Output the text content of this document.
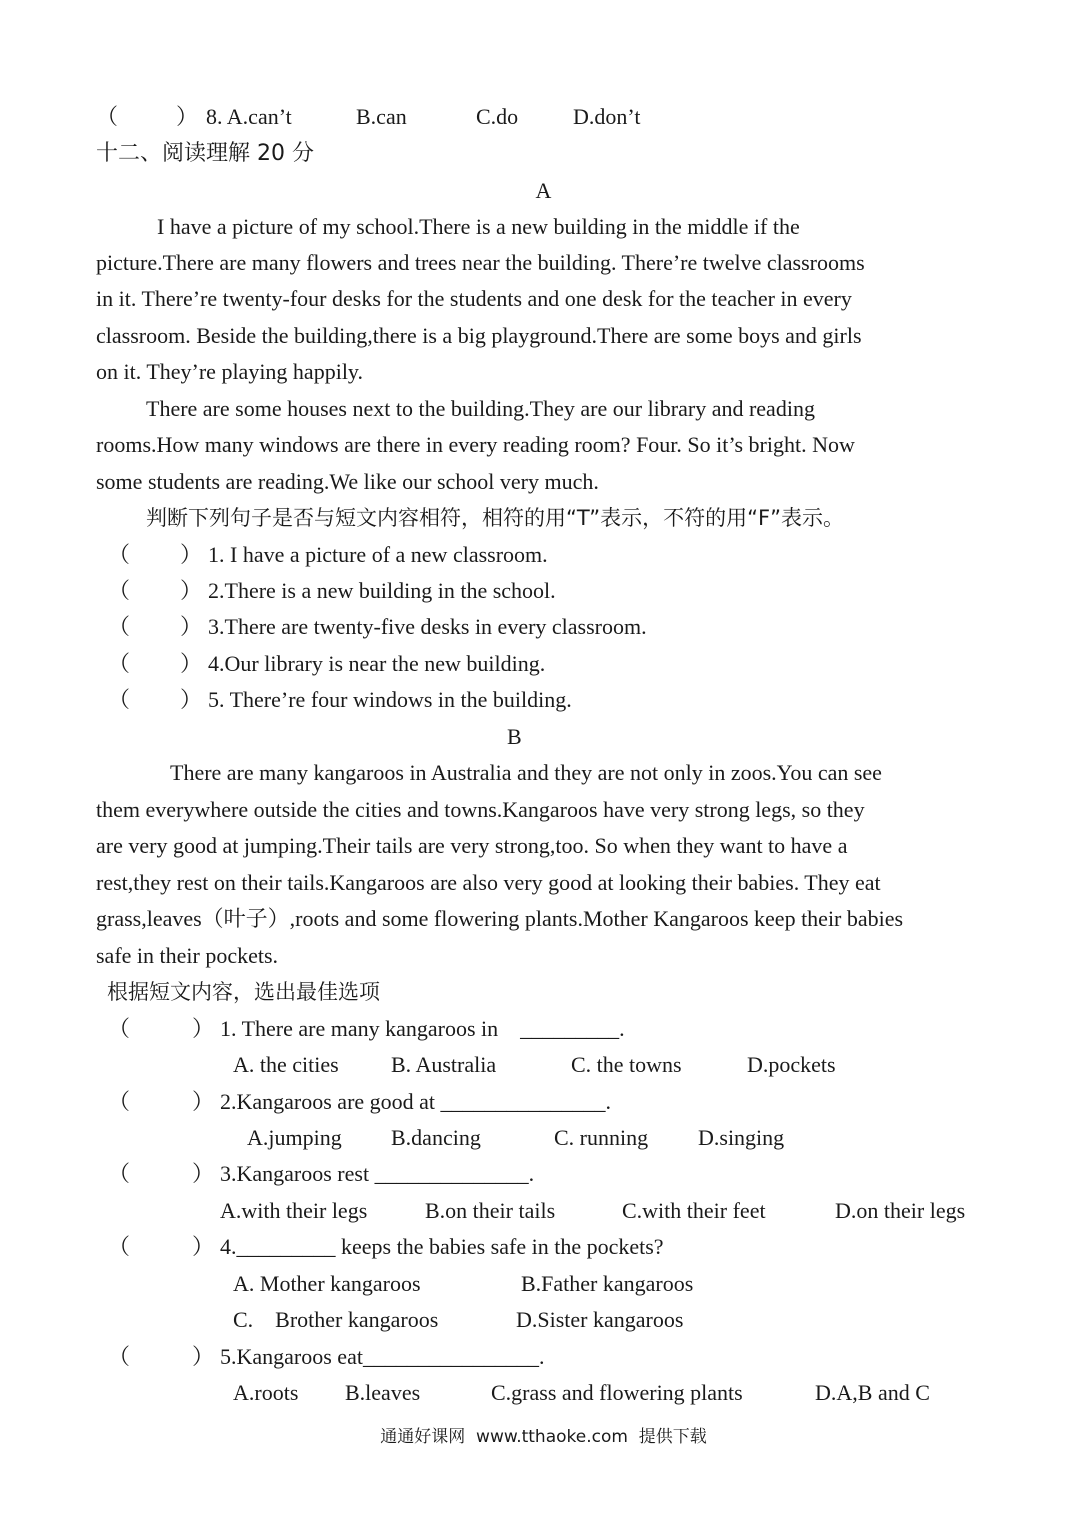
（	） 8. A.can’t	B.can	C.do D.don’t
十二、阅读理解 20 分
A
I have a picture of my school.There is a new building in the middle if the
picture.There are many flowers and trees near the building. There’re twelve classrooms
in it. There’re twenty-four desks for the students and one desk for the teacher in every
classroom. Beside the building,there is a big playground.There are some boys and girls
on it. They’re playing happily.
There are some houses next to the building.They are our library and reading
rooms.How many windows are there in every reading room? Four. So it’s bright. Now
some students are reading.We like our school very much.
判断下列句子是否与短文内容相符，相符的用“T”表示，不符的用“F”表示。
（ ） 1. I have a picture of a new classroom.
（ ） 2.There is a new building in the school.
（ ） 3.There are twenty-five desks in every classroom.
（ ） 4.Our library is near the new building.
（ ） 5. There’re four windows in the building.
B
There are many kangaroos in Australia and they are not only in zoos.You can see
them everywhere outside the cities and towns.Kangaroos have very strong legs, so they
are very good at jumping.Their tails are very strong,too. So when they want to have a
rest,they rest on their tails.Kangaroos are also very good at looking their babies. They eat
grass,leaves（叶子）,roots and some flowering plants.Mother Kangaroos keep their babies
safe in their pockets.
根据短文内容，选出最佳选项
（	） 1. There are many kangaroos in    _________.
A. the cities B. Australia	C. the towns	D.pockets
（	） 2.Kangaroos are good at _______________.
A.jumping B.dancing	C. running D.singing
（	） 3.Kangaroos rest ______________.
A.with their legs	B.on their tails	C.with their feet	D.on their legs
（	） 4._________ keeps the babies safe in the pockets?
A. Mother kangaroos	B.Father kangaroos
C.    Brother kangaroos	D.Sister kangaroos
（	） 5.Kangaroos eat________________.
A.roots B.leaves	C.grass and flowering plants	D.A,B and C
通通好课网  www.tthaoke.com  提供下载
